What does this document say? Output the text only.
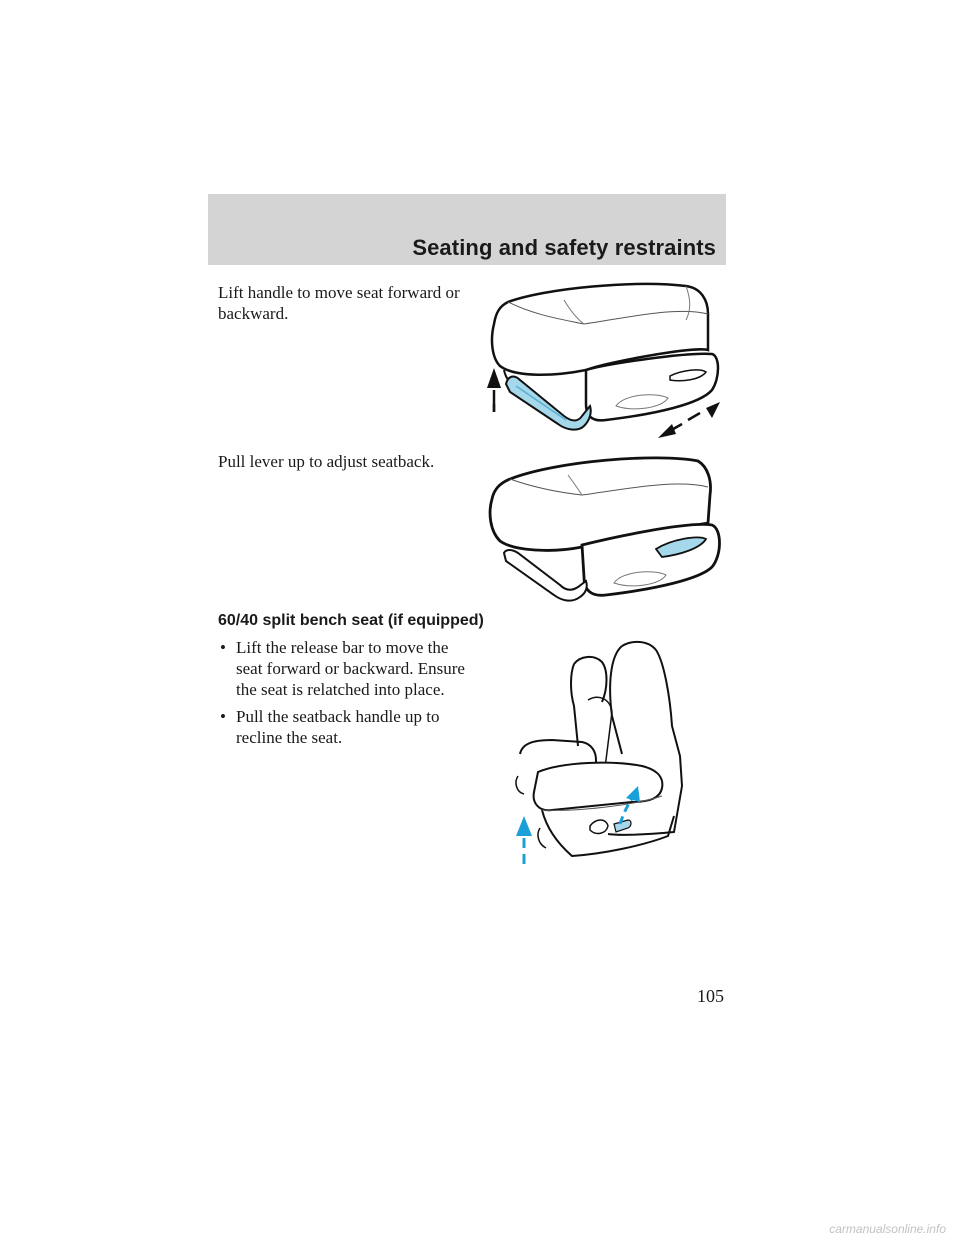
Seating and safety restraints

Lift handle to move seat forward or
backward.

Pull lever up to adjust seatback.

60/40 split bench seat (if equipped)

• Lift the release bar to move the
seat forward or backward. Ensure
the seat is relatched into place.
• Pull the seatback handle up to
recline the seat.
105
carmanualsonline.info
